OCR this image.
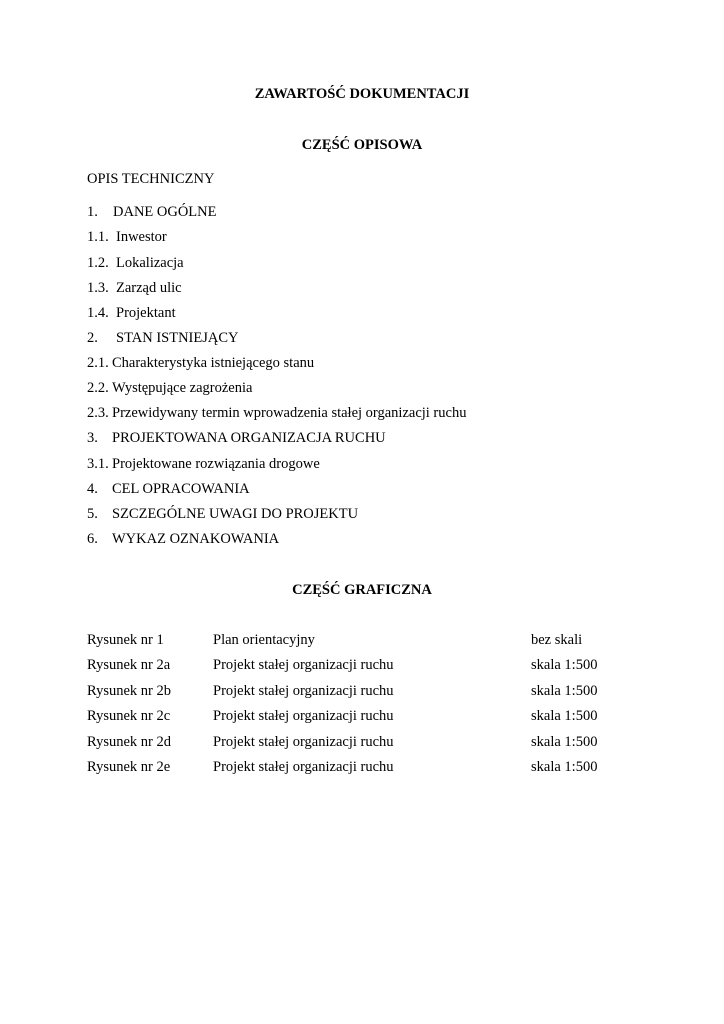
ZAWARTOŚĆ DOKUMENTACJI
CZĘŚĆ OPISOWA
OPIS TECHNICZNY
1. DANE OGÓLNE
1.1. Inwestor
1.2. Lokalizacja
1.3. Zarząd ulic
1.4. Projektant
2. STAN ISTNIEJĄCY
2.1. Charakterystyka istniejącego stanu
2.2. Występujące zagrożenia
2.3. Przewidywany termin wprowadzenia stałej organizacji ruchu
3. PROJEKTOWANA ORGANIZACJA RUCHU
3.1. Projektowane rozwiązania drogowe
4. CEL OPRACOWANIA
5. SZCZEGÓLNE UWAGI DO PROJEKTU
6. WYKAZ OZNAKOWANIA
CZĘŚĆ GRAFICZNA
Rysunek nr 1	Plan orientacyjny	bez skali
Rysunek nr 2a	Projekt stałej organizacji ruchu	skala 1:500
Rysunek nr 2b	Projekt stałej organizacji ruchu	skala 1:500
Rysunek nr 2c	Projekt stałej organizacji ruchu	skala 1:500
Rysunek nr 2d	Projekt stałej organizacji ruchu	skala 1:500
Rysunek nr 2e	Projekt stałej organizacji ruchu	skala 1:500
